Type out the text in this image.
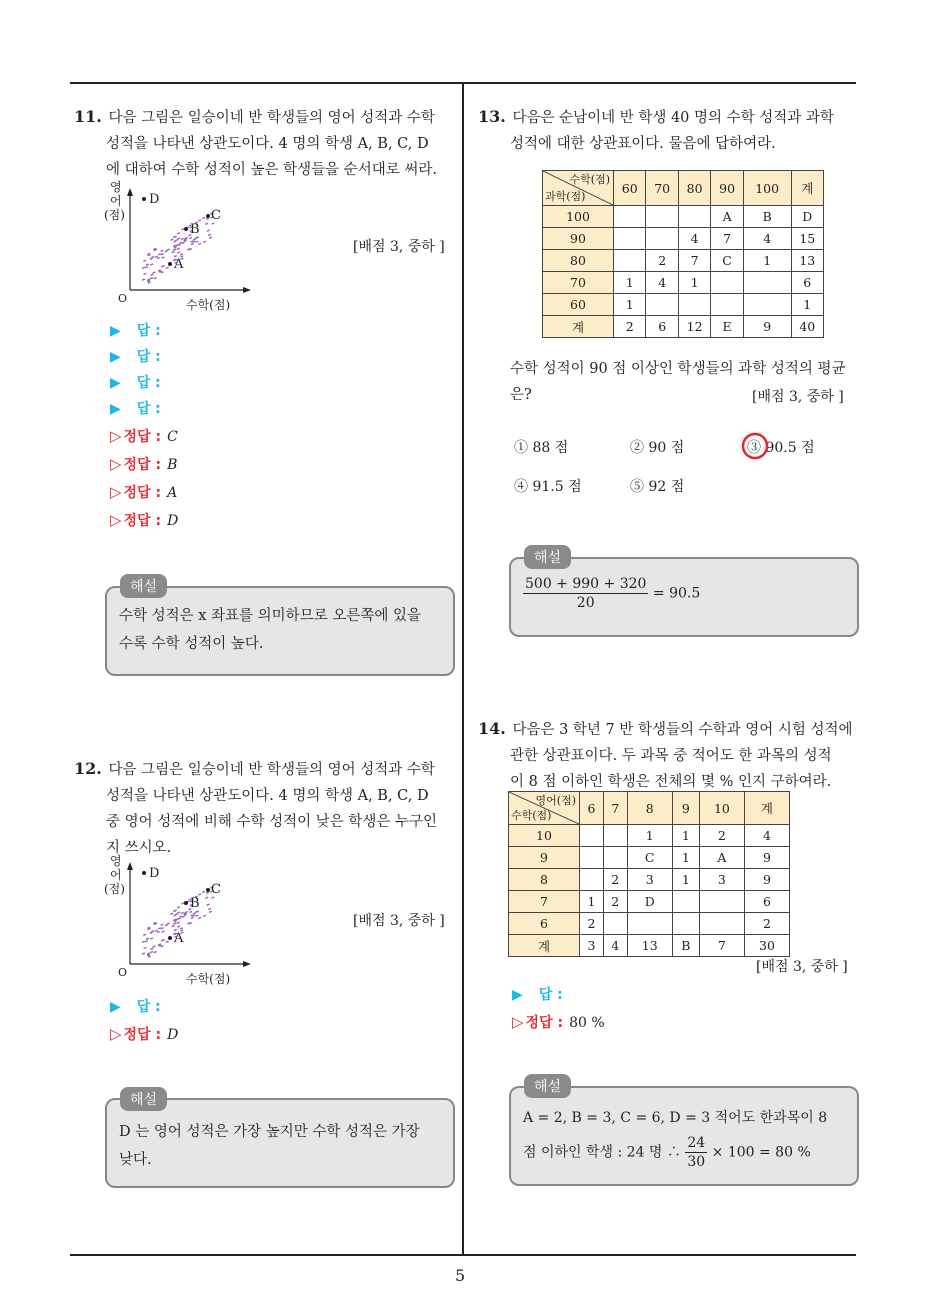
5
11. 다음 그림은 일승이네 반 학생들의 영어 성적과 수학
성적을 나타낸 상관도이다. 4 명의 학생 A, B, C, D
에 대하여 수학 성적이 높은 학생들을 순서대로 써라.
D
C
B
A
영
어
(점)
O	수학(점)
[배점 3, 중하 ]
▶ 답 :
▶ 답 :
▶ 답 :
▶ 답 :
▷ 정답 : C
▷ 정답 : B
▷ 정답 : A
▷ 정답 : D
수학 성적은 x 좌표를 의미하므로 오른쪽에 있을
수록 수학 성적이 높다.
해설
12. 다음 그림은 일승이네 반 학생들의 영어 성적과 수학
성적을 나타낸 상관도이다. 4 명의 학생 A, B, C, D
중 영어 성적에 비해 수학 성적이 낮은 학생은 누구인
지 쓰시오.
D
C
B
A
영
어
(점)
O	수학(점)
[배점 3, 중하 ]
▶ 답 :
▷ 정답 : D
D 는 영어 성적은 가장 높지만 수학 성적은 가장
낮다.
해설
13. 다음은 순남이네 반 학생 40 명의 수학 성적과 과학
성적에 대한 상관표이다. 물음에 답하여라.
수학(점)
과학(점)	60	70	80	90	100	계
100				A	B	D
90			4	7	4	15
80		2	7	C	1	13
70	1	4	1			6
60	1					1
계	2	6	12	E	9	40
수학 성적이 90 점 이상인 학생들의 과학 성적의 평균
은?	[배점 3, 중하 ]
① 88 점	② 90 점	③ 90.5 점
④ 91.5 점	⑤ 92 점
$\frac{500 + 990 + 320}{20} = 90.5$
해설
14. 다음은 3 학년 7 반 학생들의 수학과 영어 시험 성적에
관한 상관표이다. 두 과목 중 적어도 한 과목의 성적
이 8 점 이하인 학생은 전체의 몇 % 인지 구하여라.
영어(점)
수학(점)	6	7	8	9	10	계
10			1	1	2	4
9			C	1	A	9
8		2	3	1	3	9
7	1	2	D			6
6	2					2
계	3	4	13	B	7	30
[배점 3, 중하 ]
▶ 답 :
▷ 정답 : 80 %
A = 2, B = 3, C = 6, D = 3 적어도 한과목이 8
점 이하인 학생 : 24 명 ∴ $\frac{24}{30} \times 100 = 80$ %
해설
